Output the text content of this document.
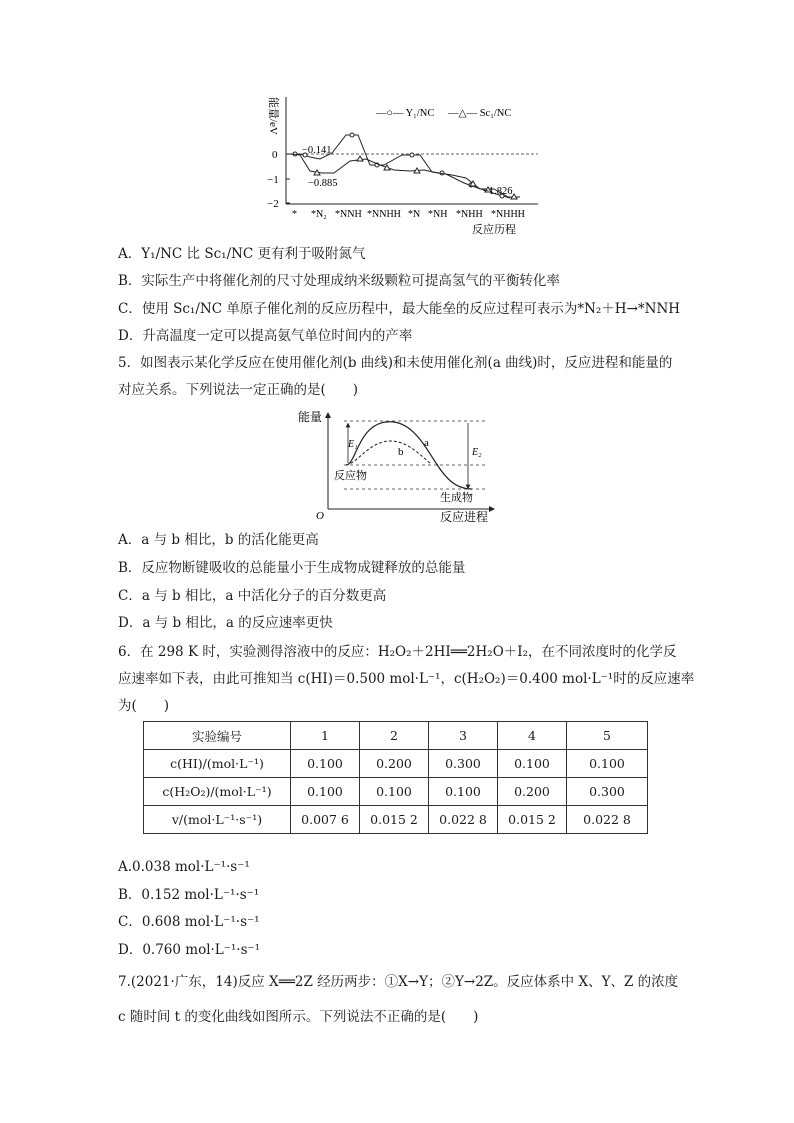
0
−1
−2
能量/eV
−0.141
−0.885
−1.826
—○— Y₁/NC —△— Sc₁/NC
* *N₂ *NNH *NNHH *N *NH *NHH *NHHH
反应历程
A．Y₁/NC 比 Sc₁/NC 更有利于吸附氮气
B．实际生产中将催化剂的尺寸处理成纳米级颗粒可提高氢气的平衡转化率
C．使用 Sc₁/NC 单原子催化剂的反应历程中，最大能垒的反应过程可表示为*N₂＋H→*NNH
D．升高温度一定可以提高氨气单位时间内的产率
5．如图表示某化学反应在使用催化剂(b 曲线)和未使用催化剂(a 曲线)时，反应进程和能量的
对应关系。下列说法一定正确的是(　　)
能量
O	反应进程
a
b
E₁
E₂
反应物
生成物
A．a 与 b 相比，b 的活化能更高
B．反应物断键吸收的总能量小于生成物成键释放的总能量
C．a 与 b 相比，a 中活化分子的百分数更高
D．a 与 b 相比，a 的反应速率更快
6．在 298 K 时，实验测得溶液中的反应：H₂O₂＋2HI══2H₂O＋I₂，在不同浓度时的化学反
应速率如下表，由此可推知当 c(HI)＝0.500 mol·L⁻¹，c(H₂O₂)＝0.400 mol·L⁻¹时的反应速率
为(　　)
实验编号	1	2	3	4	5
c(HI)/(mol·L⁻¹)	0.100	0.200	0.300	0.100	0.100
c(H₂O₂)/(mol·L⁻¹)	0.100	0.100	0.100	0.200	0.300
v/(mol·L⁻¹·s⁻¹)	0.007 6	0.015 2	0.022 8	0.015 2	0.022 8
A.0.038 mol·L⁻¹·s⁻¹
B．0.152 mol·L⁻¹·s⁻¹
C．0.608 mol·L⁻¹·s⁻¹
D．0.760 mol·L⁻¹·s⁻¹
7.(2021·广东，14)反应 X══2Z 经历两步：①X→Y；②Y→2Z。反应体系中 X、Y、Z 的浓度
c 随时间 t 的变化曲线如图所示。下列说法不正确的是(　　)
